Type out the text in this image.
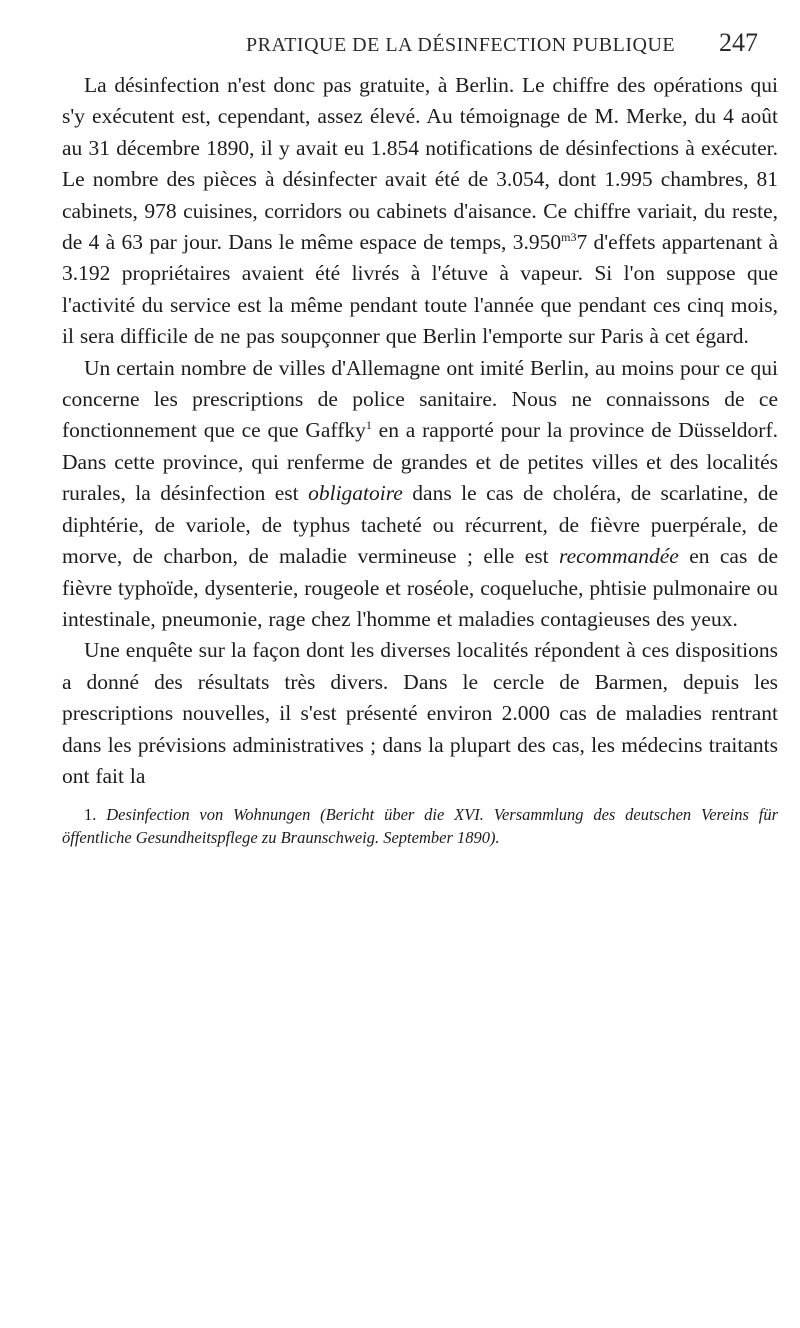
PRATIQUE DE LA DÉSINFECTION PUBLIQUE 247

La désinfection n'est donc pas gratuite, à Berlin. Le chiffre des opérations qui s'y exécutent est, cependant, assez élevé. Au témoignage de M. Merke, du 4 août au 31 décembre 1890, il y avait eu 1.854 notifications de désinfections à exécuter. Le nombre des pièces à désinfecter avait été de 3.054, dont 1.995 chambres, 81 cabinets, 978 cuisines, corridors ou cabinets d'aisance. Ce chiffre variait, du reste, de 4 à 63 par jour. Dans le même espace de temps, $3.950^{m3}7$ d'effets appartenant à 3.192 propriétaires avaient été livrés à l'étuve à vapeur. Si l'on suppose que l'activité du service est la même pendant toute l'année que pendant ces cinq mois, il sera difficile de ne pas soupçonner que Berlin l'emporte sur Paris à cet égard.

Un certain nombre de villes d'Allemagne ont imité Berlin, au moins pour ce qui concerne les prescriptions de police sanitaire. Nous ne connaissons de ce fonctionnement que ce que Gaffky$^1$ en a rapporté pour la province de Düsseldorf. Dans cette province, qui renferme de grandes et de petites villes et des localités rurales, la désinfection est obligatoire dans le cas de choléra, de scarlatine, de diphtérie, de variole, de typhus tacheté ou récurrent, de fièvre puerpérale, de morve, de charbon, de maladie vermineuse ; elle est recommandée en cas de fièvre typhoïde, dysenterie, rougeole et roséole, coqueluche, phtisie pulmonaire ou intestinale, pneumonie, rage chez l'homme et maladies contagieuses des yeux.

Une enquête sur la façon dont les diverses localités répondent à ces dispositions a donné des résultats très divers. Dans le cercle de Barmen, depuis les prescriptions nouvelles, il s'est présenté environ 2.000 cas de maladies rentrant dans les prévisions administratives ; dans la plupart des cas, les médecins traitants ont fait la

1. Desinfection von Wohnungen (Bericht über die XVI. Versammlung des deutschen Vereins für öffentliche Gesundheitspflege zu Braunschweig. September 1890).
